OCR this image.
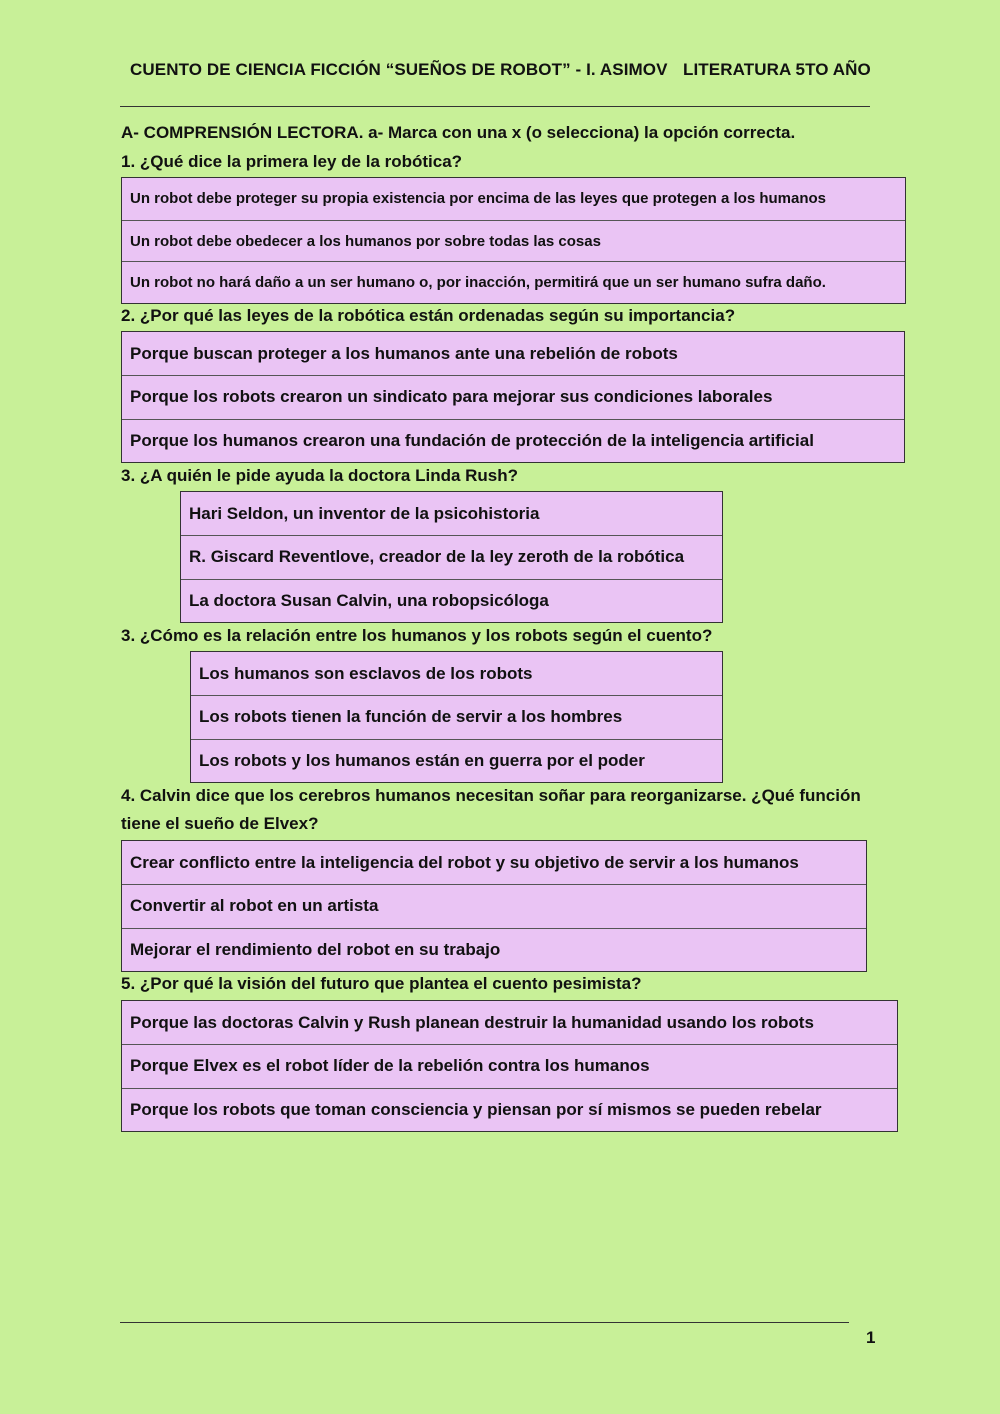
CUENTO DE CIENCIA FICCIÓN “SUEÑOS DE ROBOT” - I. ASIMOV LITERATURA 5TO AÑO
A- COMPRENSIÓN LECTORA. a- Marca con una x (o selecciona) la opción correcta.
1. ¿Qué dice la primera ley de la robótica?
Un robot debe proteger su propia existencia por encima de las leyes que protegen a los humanos
Un robot debe obedecer a los humanos por sobre todas las cosas
Un robot no hará daño a un ser humano o, por inacción, permitirá que un ser humano sufra daño.
2. ¿Por qué las leyes de la robótica están ordenadas según su importancia?
Porque buscan proteger a los humanos ante una rebelión de robots
Porque los robots crearon un sindicato para mejorar sus condiciones laborales
Porque los humanos crearon una fundación de protección de la inteligencia artificial
3. ¿A quién le pide ayuda la doctora Linda Rush?
Hari Seldon, un inventor de la psicohistoria
R. Giscard Reventlove, creador de la ley zeroth de la robótica
La doctora Susan Calvin, una robopsicóloga
3. ¿Cómo es la relación entre los humanos y los robots según el cuento?
Los humanos son esclavos de los robots
Los robots tienen la función de servir a los hombres
Los robots y los humanos están en guerra por el poder
4. Calvin dice que los cerebros humanos necesitan soñar para reorganizarse. ¿Qué función
tiene el sueño de Elvex?
Crear conflicto entre la inteligencia del robot y su objetivo de servir a los humanos
Convertir al robot en un artista
Mejorar el rendimiento del robot en su trabajo
5. ¿Por qué la visión del futuro que plantea el cuento pesimista?
Porque las doctoras Calvin y Rush planean destruir la humanidad usando los robots
Porque Elvex es el robot líder de la rebelión contra los humanos
Porque los robots que toman consciencia y piensan por sí mismos se pueden rebelar
1
